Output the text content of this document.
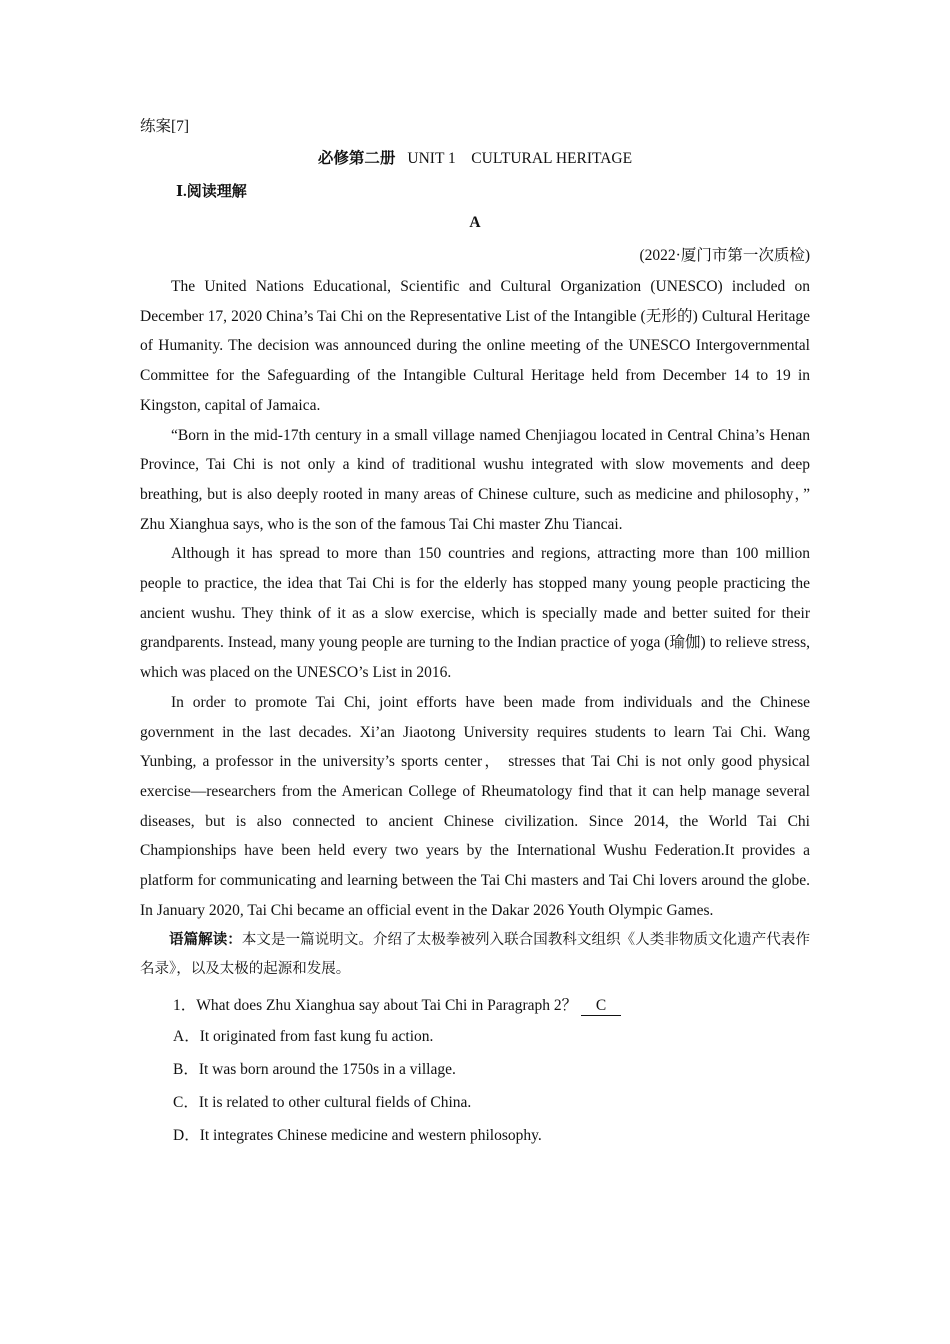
练案[7]
必修第二册 UNIT 1　CULTURAL HERITAGE
Ⅰ.阅读理解
A
(2022·厦门市第一次质检)

The United Nations Educational, Scientific and Cultural Organization (UNESCO) included on December 17, 2020 China’s Tai Chi on the Representative List of the Intangible (无形的) Cultural Heritage of Humanity. The decision was announced during the online meeting of the UNESCO Intergovernmental Committee for the Safeguarding of the Intangible Cultural Heritage held from December 14 to 19 in Kingston, capital of Jamaica.

“Born in the mid-17th century in a small village named Chenjiagou located in Central China’s Henan Province, Tai Chi is not only a kind of traditional wushu integrated with slow movements and deep breathing, but is also deeply rooted in many areas of Chinese culture, such as medicine and philosophy，” Zhu Xianghua says, who is the son of the famous Tai Chi master Zhu Tiancai.

Although it has spread to more than 150 countries and regions, attracting more than 100 million people to practice, the idea that Tai Chi is for the elderly has stopped many young people practicing the ancient wushu. They think of it as a slow exercise, which is specially made and better suited for their grandparents. Instead, many young people are turning to the Indian practice of yoga (瑜伽) to relieve stress, which was placed on the UNESCO’s List in 2016.

In order to promote Tai Chi, joint efforts have been made from individuals and the Chinese government in the last decades. Xi’an Jiaotong University requires students to learn Tai Chi. Wang Yunbing, a professor in the university’s sports center， stresses that Tai Chi is not only good physical exercise—researchers from the American College of Rheumatology find that it can help manage several diseases, but is also connected to ancient Chinese civilization. Since 2014, the World Tai Chi Championships have been held every two years by the International Wushu Federation.It provides a platform for communicating and learning between the Tai Chi masters and Tai Chi lovers around the globe. In January 2020, Tai Chi became an official event in the Dakar 2026 Youth Olympic Games.

语篇解读：本文是一篇说明文。介绍了太极拳被列入联合国教科文组织《人类非物质文化遗产代表作名录》，以及太极的起源和发展。

1．What does Zhu Xianghua say about Tai Chi in Paragraph 2？ C
A．It originated from fast kung fu action.
B．It was born around the 1750s in a village.
C．It is related to other cultural fields of China.
D．It integrates Chinese medicine and western philosophy.
